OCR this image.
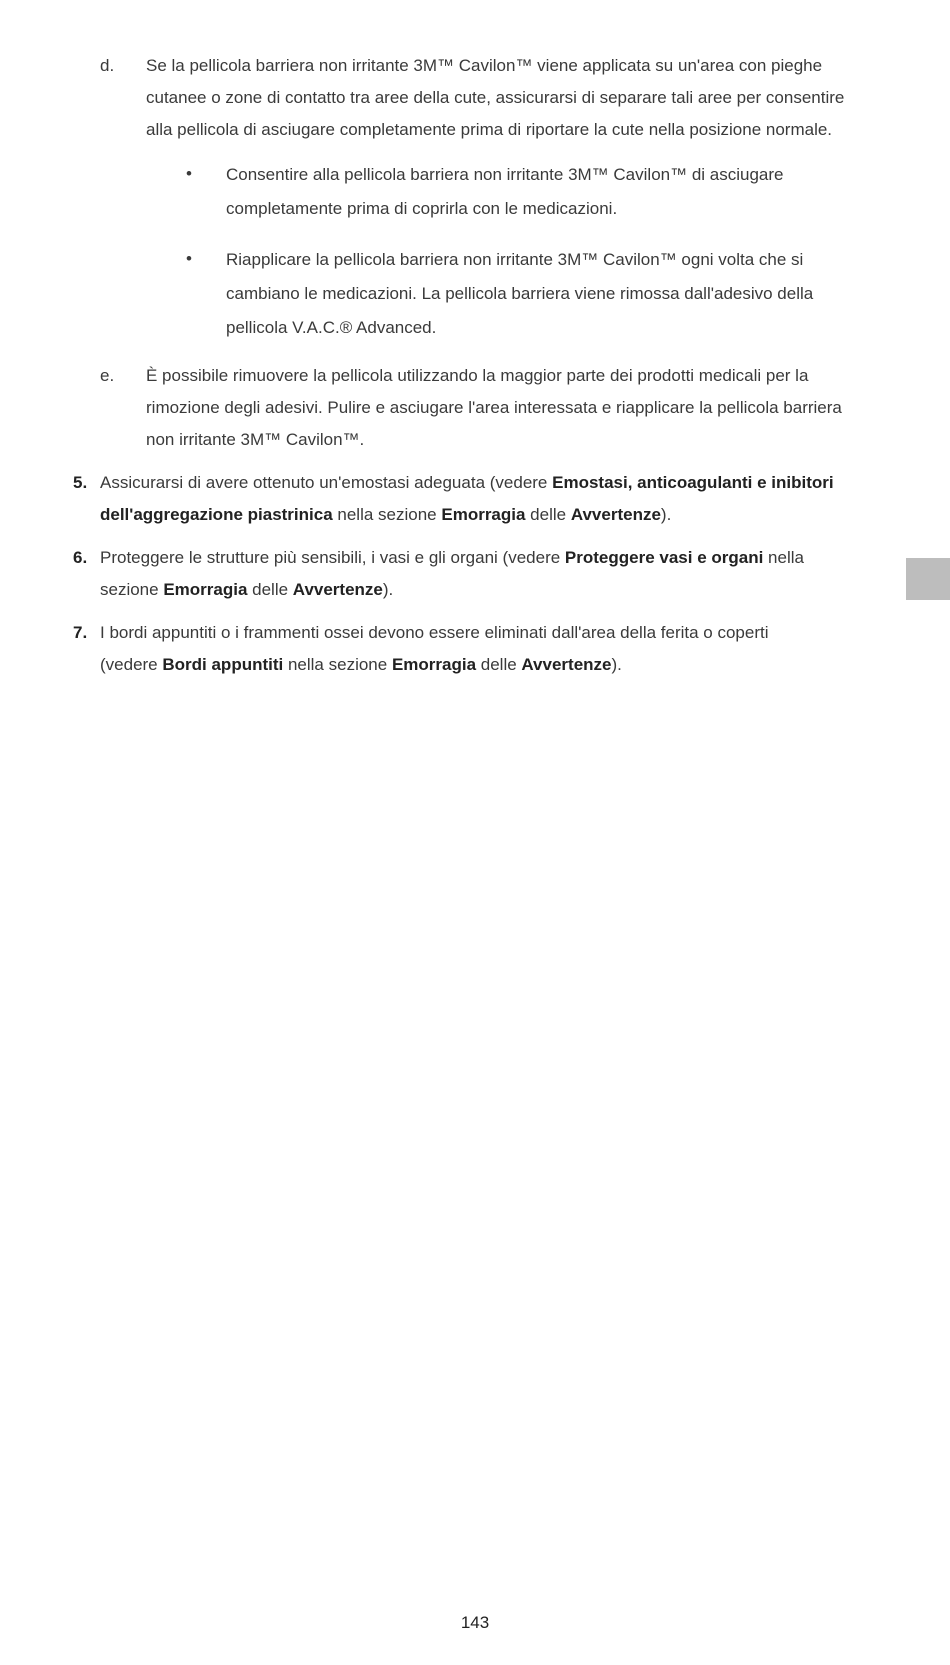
d. Se la pellicola barriera non irritante 3M™ Cavilon™ viene applicata su un'area con pieghe
cutanee o zone di contatto tra aree della cute, assicurarsi di separare tali aree per consentire
alla pellicola di asciugare completamente prima di riportare la cute nella posizione normale.
• Consentire alla pellicola barriera non irritante 3M™ Cavilon™ di asciugare
completamente prima di coprirla con le medicazioni.
• Riapplicare la pellicola barriera non irritante 3M™ Cavilon™ ogni volta che si
cambiano le medicazioni. La pellicola barriera viene rimossa dall'adesivo della
pellicola V.A.C.® Advanced.
e. È possibile rimuovere la pellicola utilizzando la maggior parte dei prodotti medicali per la
rimozione degli adesivi. Pulire e asciugare l'area interessata e riapplicare la pellicola barriera
non irritante 3M™ Cavilon™.
5. Assicurarsi di avere ottenuto un'emostasi adeguata (vedere Emostasi, anticoagulanti e inibitori
dell'aggregazione piastrinica nella sezione Emorragia delle Avvertenze).
6. Proteggere le strutture più sensibili, i vasi e gli organi (vedere Proteggere vasi e organi nella
sezione Emorragia delle Avvertenze).
7. I bordi appuntiti o i frammenti ossei devono essere eliminati dall'area della ferita o coperti
(vedere Bordi appuntiti nella sezione Emorragia delle Avvertenze).
143
